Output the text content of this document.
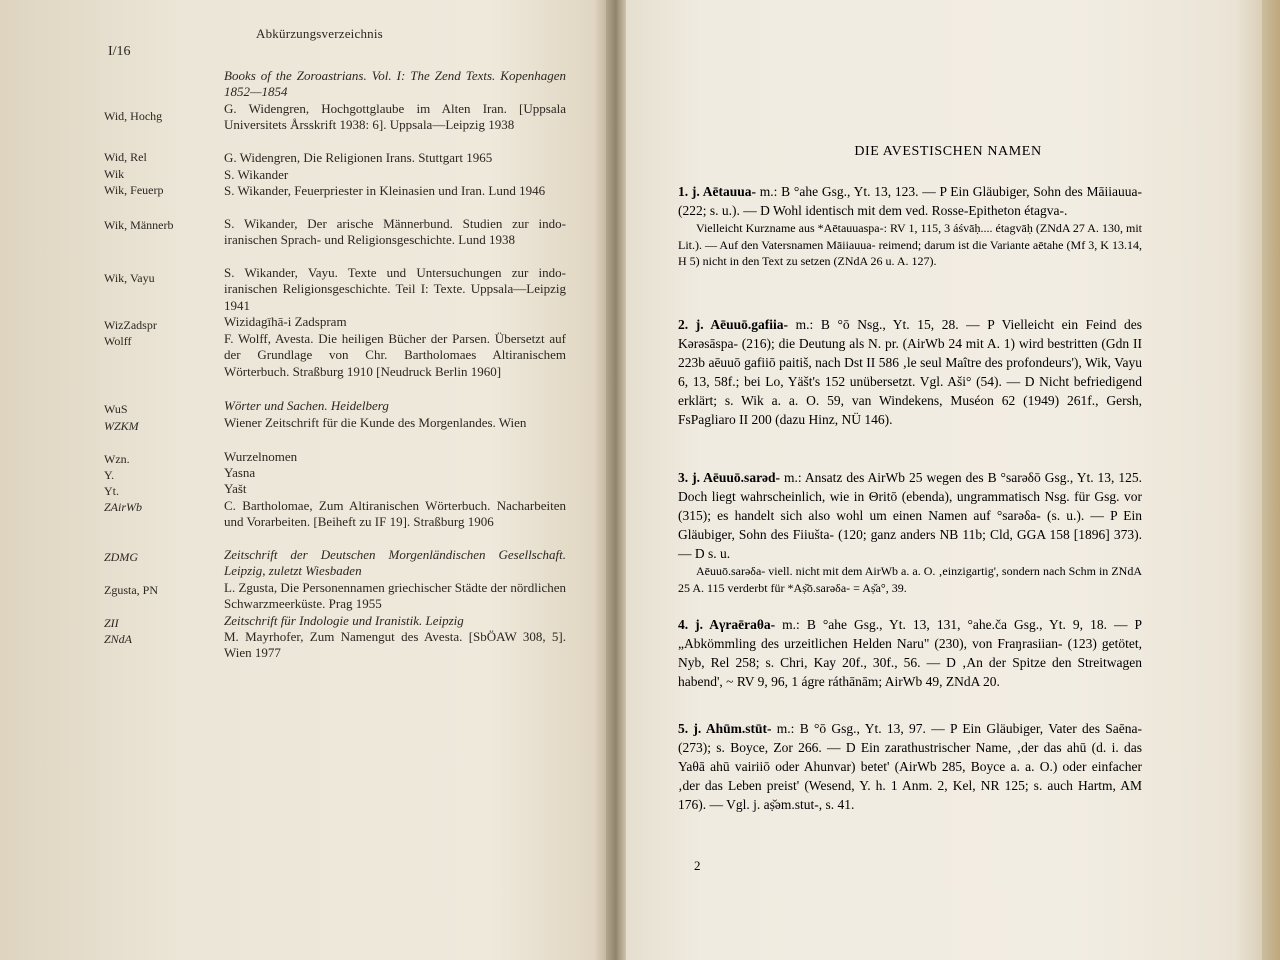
Abkürzungsverzeichnis
I/16
Books of the Zoroastrians. Vol. I: The Zend Texts. Kopenhagen 1852—1854
Wid, Hochg	G. Widengren, Hochgottglaube im Alten Iran. [Uppsala Universitets Årsskrift 1938: 6]. Uppsala—Leipzig 1938
Wid, Rel	G. Widengren, Die Religionen Irans. Stuttgart 1965
Wik	S. Wikander
Wik, Feuerp	S. Wikander, Feuerpriester in Kleinasien und Iran. Lund 1946
Wik, Männerb	S. Wikander, Der arische Männerbund. Studien zur indo-iranischen Sprach- und Religionsgeschichte. Lund 1938
Wik, Vayu	S. Wikander, Vayu. Texte und Untersuchungen zur indo-iranischen Religionsgeschichte. Teil I: Texte. Uppsala—Leipzig 1941
WizZadspr	Wizidagīhā-i Zadspram
Wolff	F. Wolff, Avesta. Die heiligen Bücher der Parsen. Übersetzt auf der Grundlage von Chr. Bartholomaes Altiranischem Wörterbuch. Straßburg 1910 [Neudruck Berlin 1960]
WuS	Wörter und Sachen. Heidelberg
WZKM	Wiener Zeitschrift für die Kunde des Morgenlandes. Wien
Wzn.	Wurzelnomen
Y.	Yasna
Yt.	Yašt
ZAirWb	C. Bartholomae, Zum Altiranischen Wörterbuch. Nacharbeiten und Vorarbeiten. [Beiheft zu IF 19]. Straßburg 1906
ZDMG	Zeitschrift der Deutschen Morgenländischen Gesellschaft. Leipzig, zuletzt Wiesbaden
Zgusta, PN	L. Zgusta, Die Personennamen griechischer Städte der nördlichen Schwarzmeerküste. Prag 1955
ZII	Zeitschrift für Indologie und Iranistik. Leipzig
ZNdA	M. Mayrhofer, Zum Namengut des Avesta. [SbÖAW 308, 5]. Wien 1977
DIE AVESTISCHEN NAMEN
1. j. Aētauua- m.: B °ahe Gsg., Yt. 13, 123. — P Ein Gläubiger, Sohn des Māiiauua- (222; s. u.). — D Wohl identisch mit dem ved. Rosse-Epitheton étagva-.
Vielleicht Kurzname aus *Aētauuaspa-: RV 1, 115, 3 áśvāḥ.... étagvāḥ (ZNdA 27 A. 130, mit Lit.). — Auf den Vatersnamen Māiiauua- reimend; darum ist die Variante aētahe (Mf 3, K 13.14, H 5) nicht in den Text zu setzen (ZNdA 26 u. A. 127).
2. j. Aēuuō.gafiia- m.: B °ō Nsg., Yt. 15, 28. — P Vielleicht ein Feind des Kərəsāspa- (216); die Deutung als N. pr. (AirWb 24 mit A. 1) wird bestritten (Gdn II 223b aēuuō gafiiō paitiš, nach Dst II 586 ‚le seul Maître des profondeurs'), Wik, Vayu 6, 13, 58f.; bei Lo, Yäšt's 152 unübersetzt. Vgl. Aši° (54). — D Nicht befriedigend erklärt; s. Wik a. a. O. 59, van Windekens, Muséon 62 (1949) 261f., Gersh, FsPagliaro II 200 (dazu Hinz, NÜ 146).
3. j. Aēuuō.sarəd- m.: Ansatz des AirWb 25 wegen des B °sarəδō Gsg., Yt. 13, 125. Doch liegt wahrscheinlich, wie in Θritō (ebenda), ungrammatisch Nsg. für Gsg. vor (315); es handelt sich also wohl um einen Namen auf °sarəδa- (s. u.). — P Ein Gläubiger, Sohn des Fiiušta- (120; ganz anders NB 11b; Cld, GGA 158 [1896] 373). — D s. u.
Aēuuō.sarəδa- viell. nicht mit dem AirWb a. a. O. ‚einzigartig', sondern nach Schm in ZNdA 25 A. 115 verderbt für *Aṣ̌ō.sarəδa- = Aṣ̌a°, 39.
4. j. Aγraēraθa- m.: B °ahe Gsg., Yt. 13, 131, °ahe.ča Gsg., Yt. 9, 18. — P „Abkömmling des urzeitlichen Helden Naru" (230), von Fraŋrasiian- (123) getötet, Nyb, Rel 258; s. Chri, Kay 20f., 30f., 56. — D ‚An der Spitze den Streitwagen habend', ~ RV 9, 96, 1 ágre ráthānām; AirWb 49, ZNdA 20.
5. j. Ahūm.stūt- m.: B °ō Gsg., Yt. 13, 97. — P Ein Gläubiger, Vater des Saēna- (273); s. Boyce, Zor 266. — D Ein zarathustrischer Name, ‚der das ahū (d. i. das Yaθā ahū vairiiō oder Ahunvar) betet' (AirWb 285, Boyce a. a. O.) oder einfacher ‚der das Leben preist' (Wesend, Y. h. 1 Anm. 2, Kel, NR 125; s. auch Hartm, AM 176). — Vgl. j. aṣ̌əm.stut-, s. 41.
2
